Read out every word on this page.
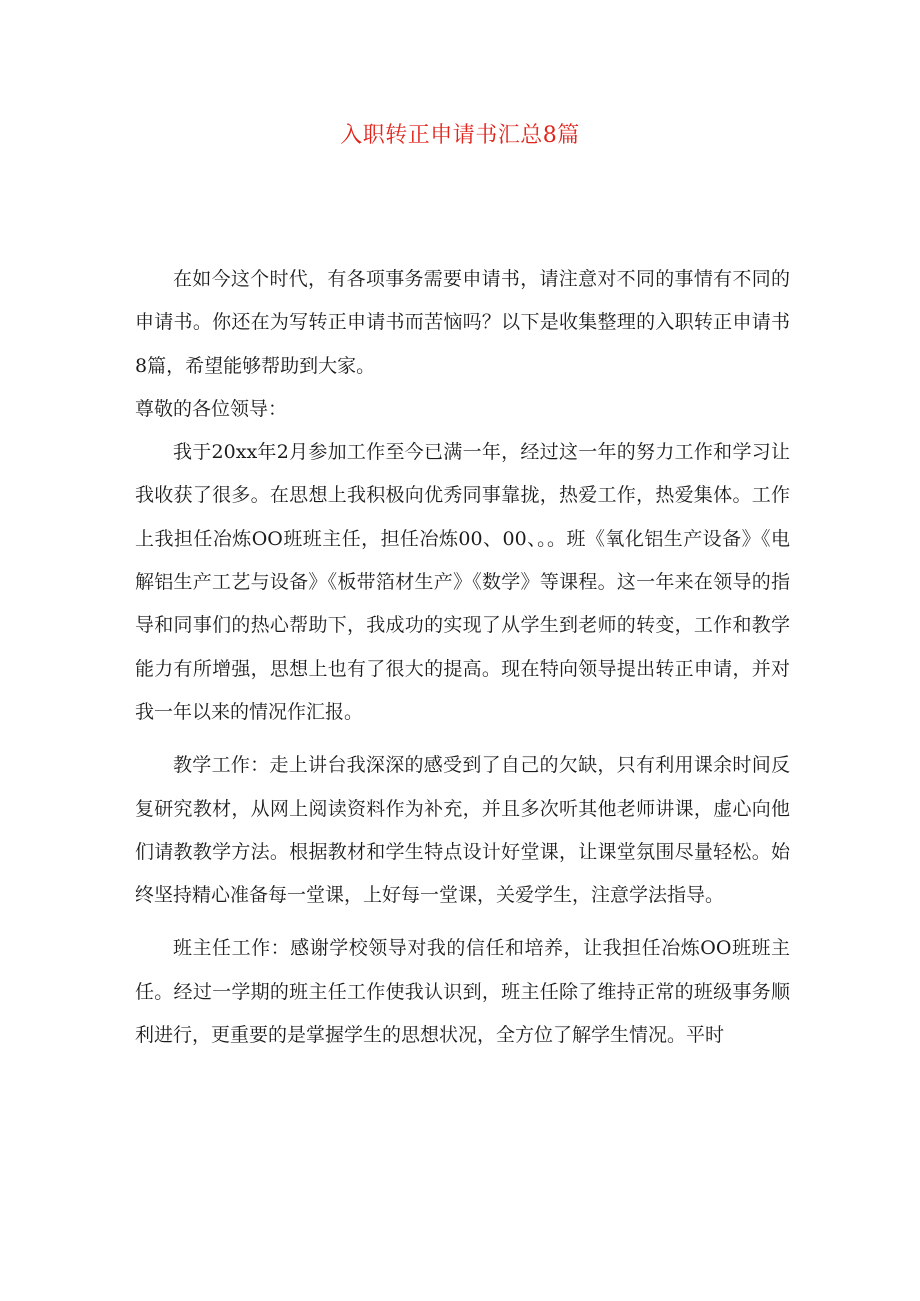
入职转正申请书汇总8篇

在如今这个时代，有各项事务需要申请书，请注意对不同的事情有不同的申请书。你还在为写转正申请书而苦恼吗？以下是收集整理的入职转正申请书8篇，希望能够帮助到大家。

尊敬的各位领导：

我于20xx年2月参加工作至今已满一年，经过这一年的努力工作和学习让我收获了很多。在思想上我积极向优秀同事靠拢，热爱工作，热爱集体。工作上我担任冶炼OO班班主任，担任冶炼00、00、。。班《氧化铝生产设备》《电解铝生产工艺与设备》《板带箔材生产》《数学》等课程。这一年来在领导的指导和同事们的热心帮助下，我成功的实现了从学生到老师的转变，工作和教学能力有所增强，思想上也有了很大的提高。现在特向领导提出转正申请，并对我一年以来的情况作汇报。

教学工作：走上讲台我深深的感受到了自己的欠缺，只有利用课余时间反复研究教材，从网上阅读资料作为补充，并且多次听其他老师讲课，虚心向他们请教教学方法。根据教材和学生特点设计好堂课，让课堂氛围尽量轻松。始终坚持精心准备每一堂课，上好每一堂课，关爱学生，注意学法指导。

班主任工作：感谢学校领导对我的信任和培养，让我担任冶炼OO班班主任。经过一学期的班主任工作使我认识到，班主任除了维持正常的班级事务顺利进行，更重要的是掌握学生的思想状况，全方位了解学生情况。平时
